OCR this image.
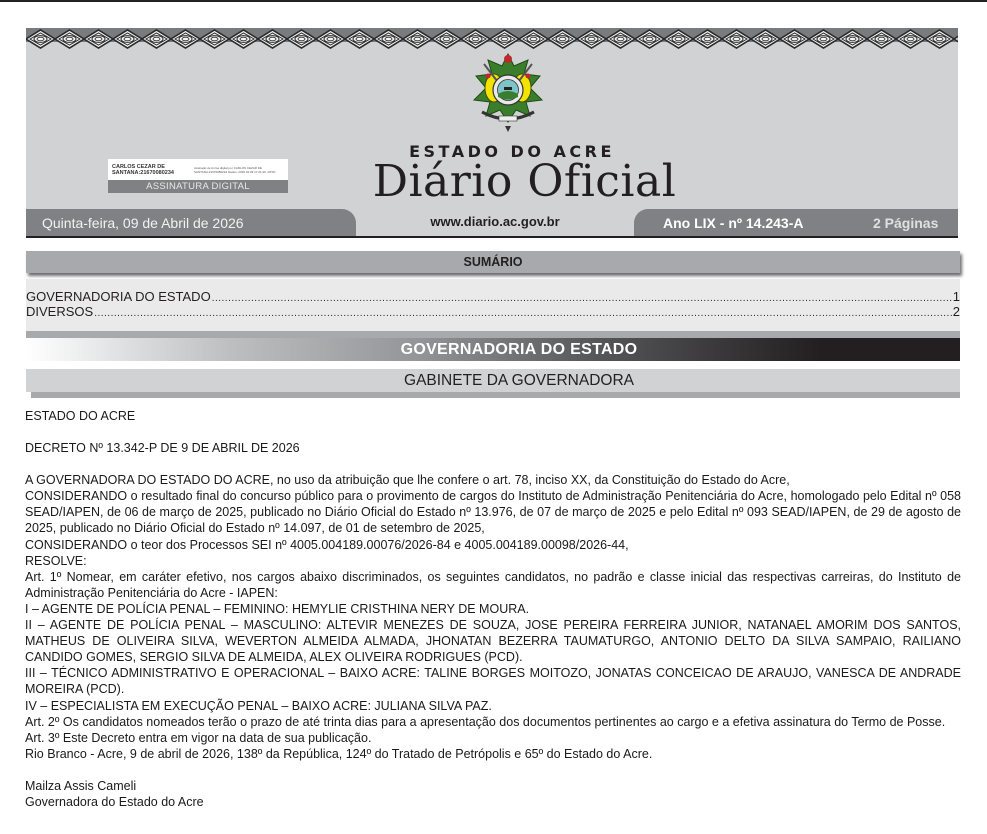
ESTADO DO ACRE
Diário Oficial
CARLOS CEZAR DE SANTANA:21670080234
Assinado de forma digital por CARLOS CEZAR DE SANTANA:21670080234 Dados: 2026.04.09 17:21:26 -05'00'
ASSINATURA DIGITAL
Quinta-feira, 09 de Abril de 2026	www.diario.ac.gov.br	Ano LIX - nº 14.243-A	2 Páginas
SUMÁRIO
GOVERNADORIA DO ESTADO .....	1
DIVERSOS .....	2
GOVERNADORIA DO ESTADO
GABINETE DA GOVERNADORA

ESTADO DO ACRE

DECRETO Nº 13.342-P DE 9 DE ABRIL DE 2026

A GOVERNADORA DO ESTADO DO ACRE, no uso da atribuição que lhe confere o art. 78, inciso XX, da Constituição do Estado do Acre,

CONSIDERANDO o resultado final do concurso público para o provimento de cargos do Instituto de Administração Penitenciária do Acre, homologado pelo Edital nº 058 SEAD/IAPEN, de 06 de março de 2025, publicado no Diário Oficial do Estado nº 13.976, de 07 de março de 2025 e pelo Edital nº 093 SEAD/IAPEN, de 29 de agosto de 2025, publicado no Diário Oficial do Estado nº 14.097, de 01 de setembro de 2025,

CONSIDERANDO o teor dos Processos SEI nº 4005.004189.00076/2026-84 e 4005.004189.00098/2026-44,

RESOLVE:

Art. 1º Nomear, em caráter efetivo, nos cargos abaixo discriminados, os seguintes candidatos, no padrão e classe inicial das respectivas carreiras, do Instituto de Administração Penitenciária do Acre - IAPEN:

I – AGENTE DE POLÍCIA PENAL – FEMININO: HEMYLIE CRISTHINA NERY DE MOURA.

II – AGENTE DE POLÍCIA PENAL – MASCULINO: ALTEVIR MENEZES DE SOUZA, JOSE PEREIRA FERREIRA JUNIOR, NATANAEL AMORIM DOS SANTOS, MATHEUS DE OLIVEIRA SILVA, WEVERTON ALMEIDA ALMADA, JHONATAN BEZERRA TAUMATURGO, ANTONIO DELTO DA SILVA SAMPAIO, RAILIANO CANDIDO GOMES, SERGIO SILVA DE ALMEIDA, ALEX OLIVEIRA RODRIGUES (PCD).

III – TÉCNICO ADMINISTRATIVO E OPERACIONAL – BAIXO ACRE: TALINE BORGES MOITOZO, JONATAS CONCEICAO DE ARAUJO, VANESCA DE ANDRADE MOREIRA (PCD).

IV – ESPECIALISTA EM EXECUÇÃO PENAL – BAIXO ACRE: JULIANA SILVA PAZ.

Art. 2º Os candidatos nomeados terão o prazo de até trinta dias para a apresentação dos documentos pertinentes ao cargo e a efetiva assinatura do Termo de Posse.

Art. 3º Este Decreto entra em vigor na data de sua publicação.

Rio Branco - Acre, 9 de abril de 2026, 138º da República, 124º do Tratado de Petrópolis e 65º do Estado do Acre.

Mailza Assis Cameli

Governadora do Estado do Acre
